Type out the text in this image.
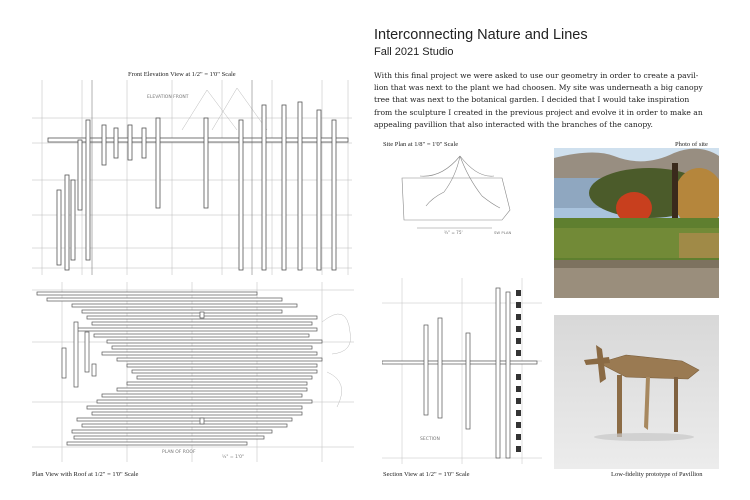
Interconnecting Nature and Lines
Fall 2021 Studio
With this final project we were asked to use our geometry in order to create a pavil-
lion that was next to the plant we had choosen. My site was underneath a big canopy
tree that was next to the botanical garden. I decided that I would take inspiration
from the sculpture I created in the previous project and evolve it in order to make an
appealing pavillion that also interacted with the branches of the canopy.
Front Elevation View at 1/2" = 1'0" Scale
Site Plan at 1/8" = 1'0" Scale	Photo of site
Plan View with Roof at 1/2" = 1'0" Scale	Section View at 1/2" = 1'0" Scale	Low-fidelity prototype of Pavillion
ELEVATION FRONT
PLAN OF ROOF
½" = 1'0"
¾" = 75'	SW PLAN
SECTION
